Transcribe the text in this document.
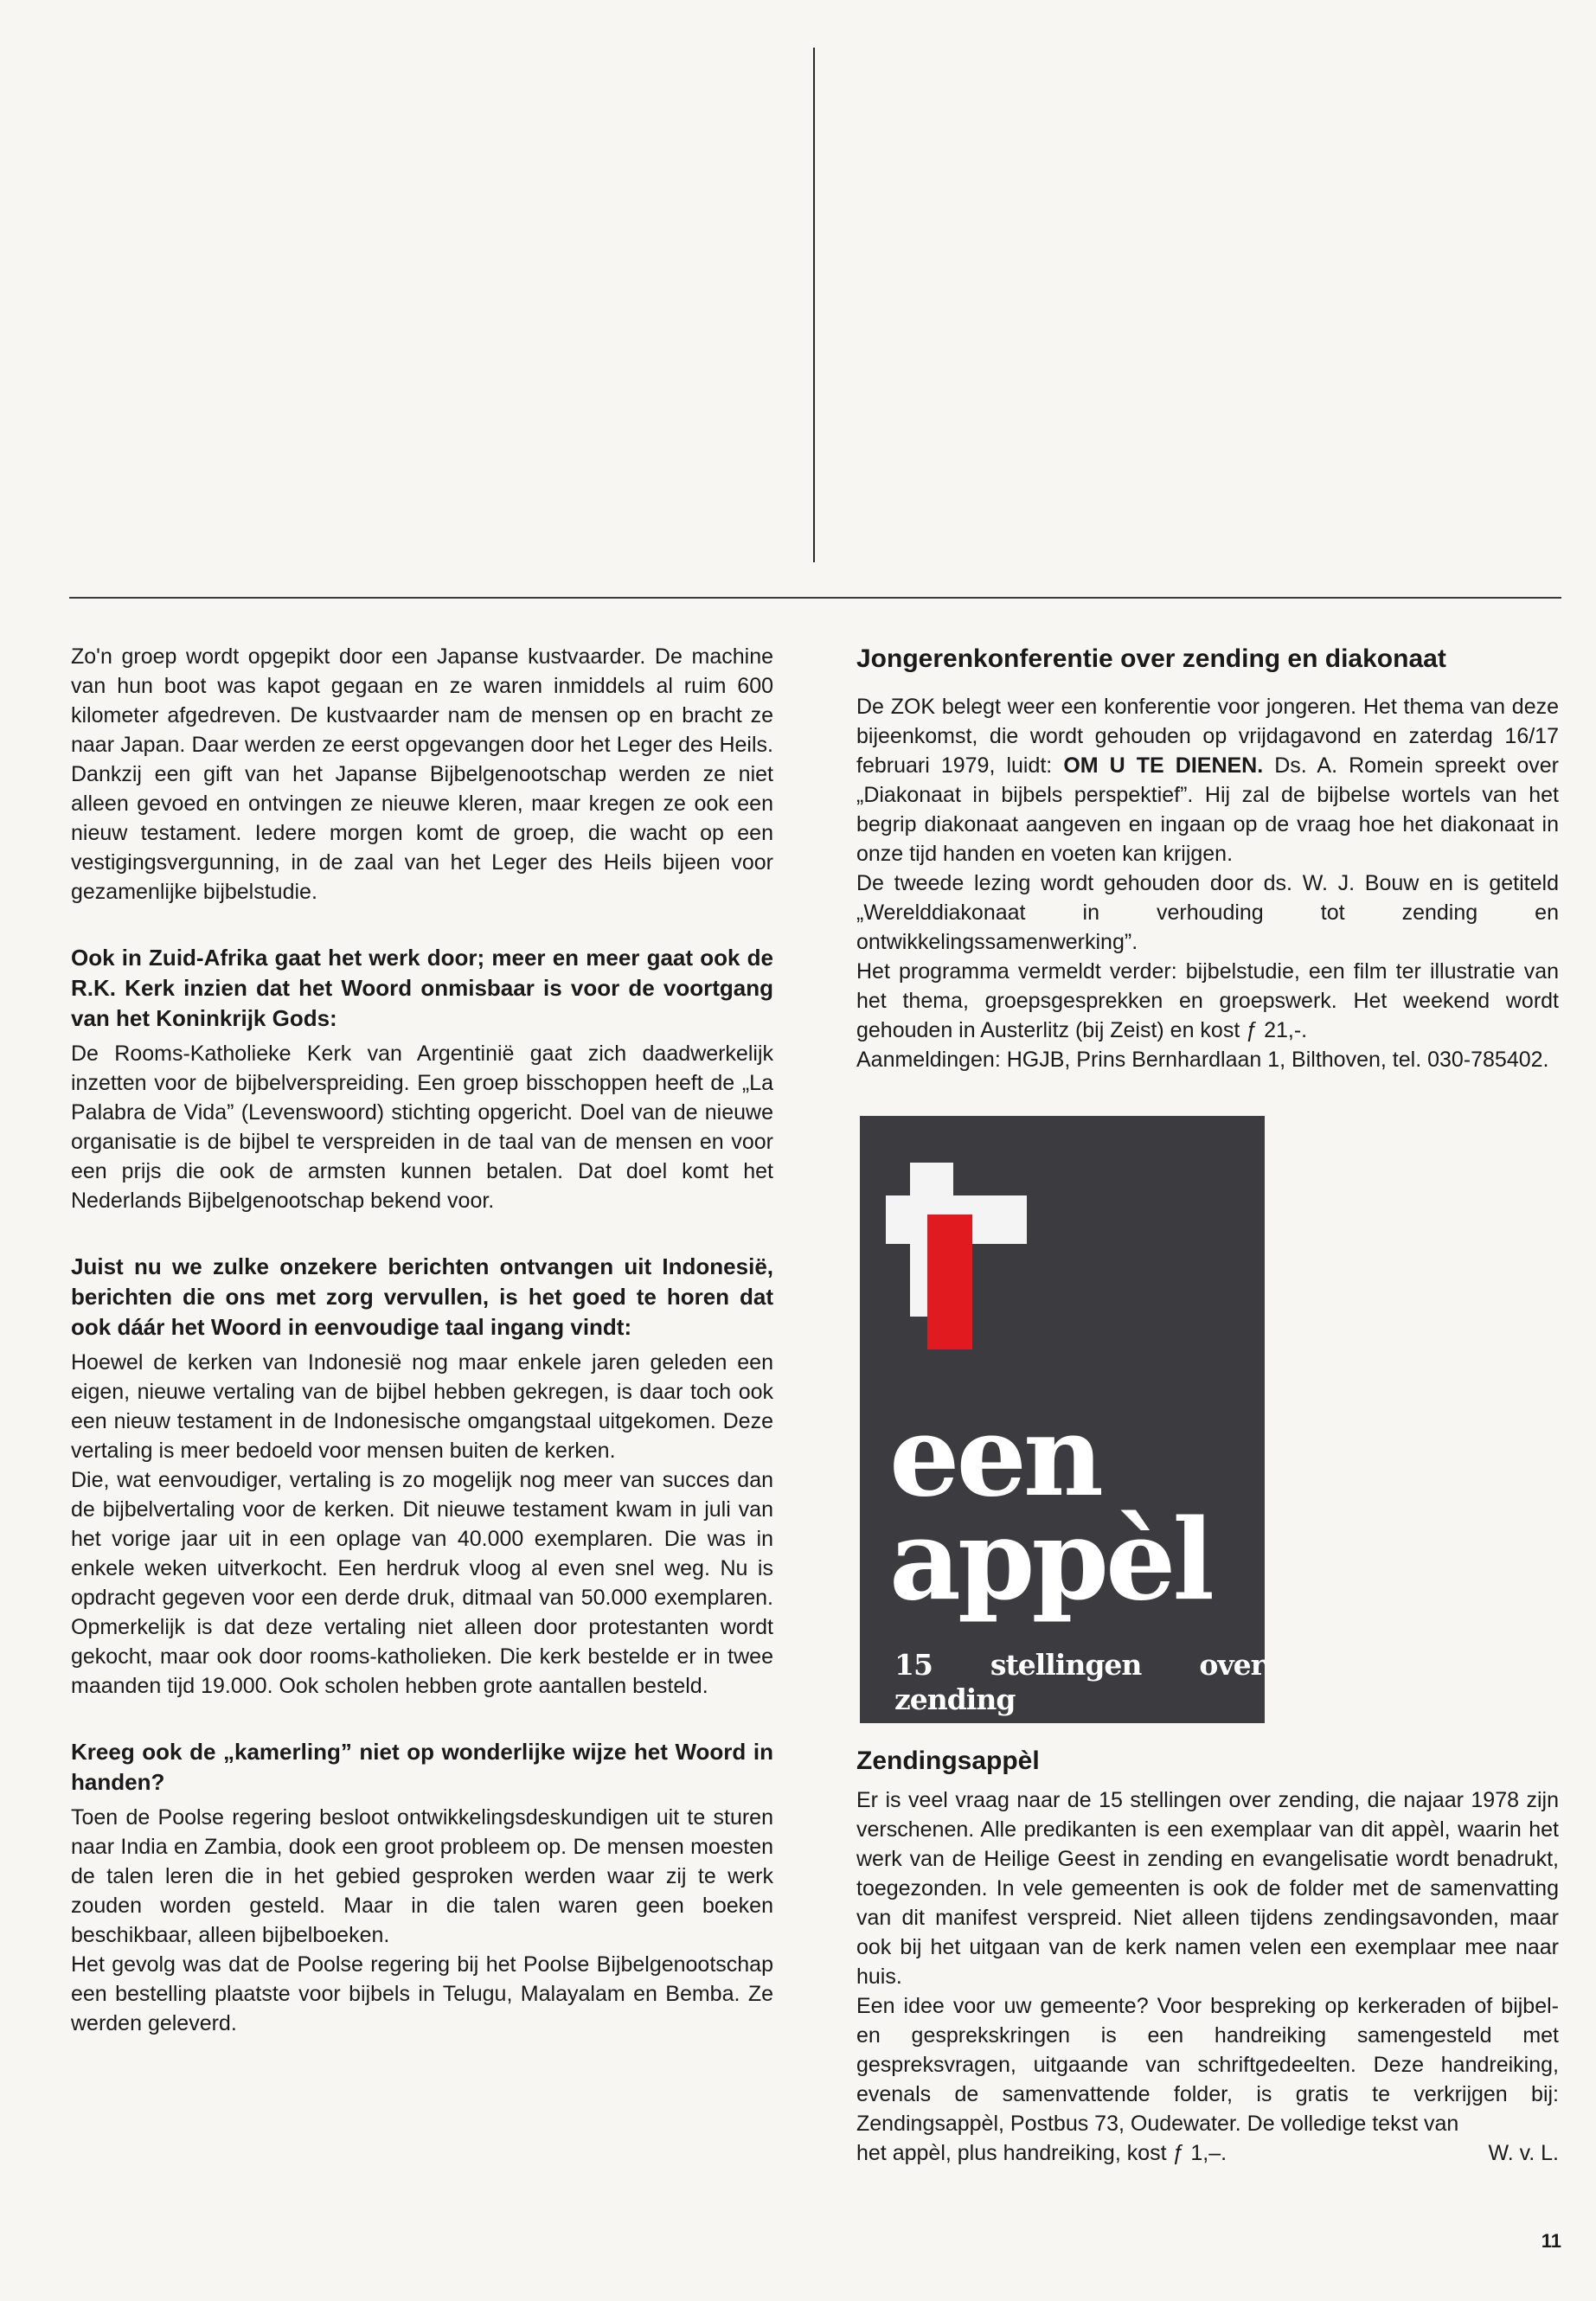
Zo'n groep wordt opgepikt door een Japanse kustvaarder. De machine van hun boot was kapot gegaan en ze waren inmiddels al ruim 600 kilometer afgedreven. De kustvaarder nam de mensen op en bracht ze naar Japan. Daar werden ze eerst opgevangen door het Leger des Heils. Dankzij een gift van het Japanse Bijbelgenootschap werden ze niet alleen gevoed en ontvingen ze nieuwe kleren, maar kregen ze ook een nieuw testament. Iedere morgen komt de groep, die wacht op een vestigingsvergunning, in de zaal van het Leger des Heils bijeen voor gezamenlijke bijbelstudie.

Ook in Zuid-Afrika gaat het werk door; meer en meer gaat ook de R.K. Kerk inzien dat het Woord onmisbaar is voor de voortgang van het Koninkrijk Gods:

De Rooms-Katholieke Kerk van Argentinië gaat zich daadwerkelijk inzetten voor de bijbelverspreiding. Een groep bisschoppen heeft de „La Palabra de Vida” (Levenswoord) stichting opgericht. Doel van de nieuwe organisatie is de bijbel te verspreiden in de taal van de mensen en voor een prijs die ook de armsten kunnen betalen. Dat doel komt het Nederlands Bijbelgenootschap bekend voor.

Juist nu we zulke onzekere berichten ontvangen uit Indonesië, berichten die ons met zorg vervullen, is het goed te horen dat ook dáár het Woord in eenvoudige taal ingang vindt:

Hoewel de kerken van Indonesië nog maar enkele jaren geleden een eigen, nieuwe vertaling van de bijbel hebben gekregen, is daar toch ook een nieuw testament in de Indonesische omgangstaal uitgekomen. Deze vertaling is meer bedoeld voor mensen buiten de kerken.

Die, wat eenvoudiger, vertaling is zo mogelijk nog meer van succes dan de bijbelvertaling voor de kerken. Dit nieuwe testament kwam in juli van het vorige jaar uit in een oplage van 40.000 exemplaren. Die was in enkele weken uitverkocht. Een herdruk vloog al even snel weg. Nu is opdracht gegeven voor een derde druk, ditmaal van 50.000 exemplaren. Opmerkelijk is dat deze vertaling niet alleen door protestanten wordt gekocht, maar ook door rooms-katholieken. Die kerk bestelde er in twee maanden tijd 19.000. Ook scholen hebben grote aantallen besteld.

Kreeg ook de „kamerling” niet op wonderlijke wijze het Woord in handen?

Toen de Poolse regering besloot ontwikkelingsdeskundigen uit te sturen naar India en Zambia, dook een groot probleem op. De mensen moesten de talen leren die in het gebied gesproken werden waar zij te werk zouden worden gesteld. Maar in die talen waren geen boeken beschikbaar, alleen bijbelboeken.

Het gevolg was dat de Poolse regering bij het Poolse Bijbelgenootschap een bestelling plaatste voor bijbels in Telugu, Malayalam en Bemba. Ze werden geleverd.

Jongerenkonferentie over zending en diakonaat

De ZOK belegt weer een konferentie voor jongeren. Het thema van deze bijeenkomst, die wordt gehouden op vrijdagavond en zaterdag 16/17 februari 1979, luidt: OM U TE DIENEN. Ds. A. Romein spreekt over „Diakonaat in bijbels perspektief”. Hij zal de bijbelse wortels van het begrip diakonaat aangeven en ingaan op de vraag hoe het diakonaat in onze tijd handen en voeten kan krijgen.

De tweede lezing wordt gehouden door ds. W. J. Bouw en is getiteld „Werelddiakonaat in verhouding tot zending en ontwikkelingssamenwerking”.

Het programma vermeldt verder: bijbelstudie, een film ter illustratie van het thema, groepsgesprekken en groepswerk. Het weekend wordt gehouden in Austerlitz (bij Zeist) en kost ƒ 21,-.

Aanmeldingen: HGJB, Prins Bernhardlaan 1, Bilthoven, tel. 030-785402.

een
appèl
15 stellingen over zending
Zendingsappèl

Er is veel vraag naar de 15 stellingen over zending, die najaar 1978 zijn verschenen. Alle predikanten is een exemplaar van dit appèl, waarin het werk van de Heilige Geest in zending en evangelisatie wordt benadrukt, toegezonden. In vele gemeenten is ook de folder met de samenvatting van dit manifest verspreid. Niet alleen tijdens zendingsavonden, maar ook bij het uitgaan van de kerk namen velen een exemplaar mee naar huis.

Een idee voor uw gemeente? Voor bespreking op kerkeraden of bijbel- en gesprekskringen is een handreiking samengesteld met gespreksvragen, uitgaande van schriftgedeelten. Deze handreiking, evenals de samenvattende folder, is gratis te verkrijgen bij: Zendingsappèl, Postbus 73, Oudewater. De volledige tekst van

het appèl, plus handreiking, kost ƒ 1,–.	W. v. L.
11
